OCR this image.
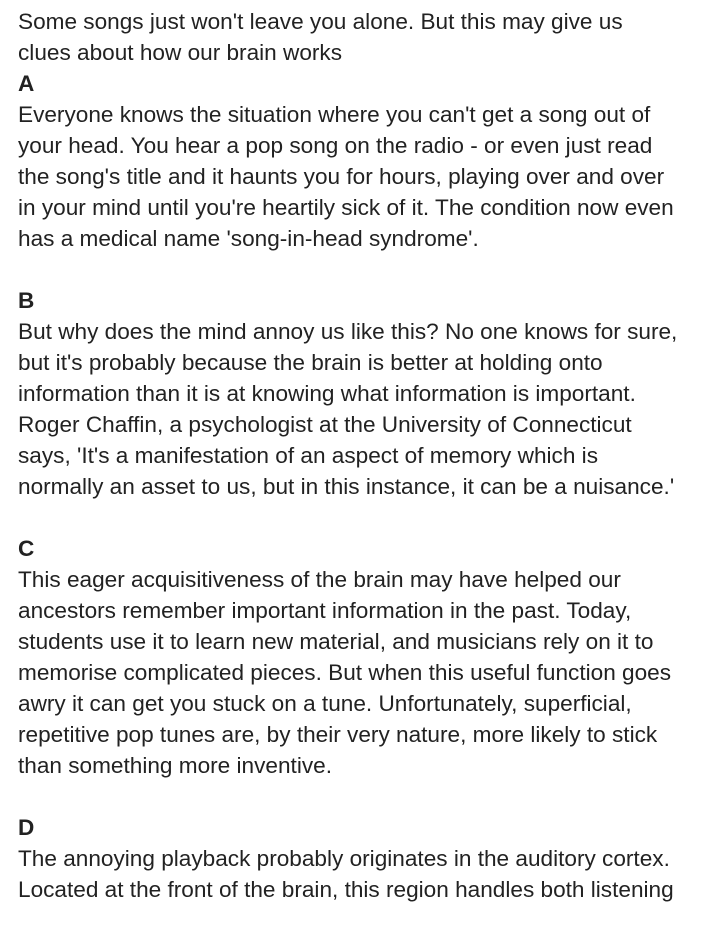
Some songs just won't leave you alone. But this may give us
clues about how our brain works

A

Everyone knows the situation where you can't get a song out of
your head. You hear a pop song on the radio - or even just read
the song's title and it haunts you for hours, playing over and over
in your mind until you're heartily sick of it. The condition now even
has a medical name 'song-in-head syndrome'.

B

But why does the mind annoy us like this? No one knows for sure,
but it's probably because the brain is better at holding onto
information than it is at knowing what information is important.
Roger Chaffin, a psychologist at the University of Connecticut
says, 'It's a manifestation of an aspect of memory which is
normally an asset to us, but in this instance, it can be a nuisance.'

C

This eager acquisitiveness of the brain may have helped our
ancestors remember important information in the past. Today,
students use it to learn new material, and musicians rely on it to
memorise complicated pieces. But when this useful function goes
awry it can get you stuck on a tune. Unfortunately, superficial,
repetitive pop tunes are, by their very nature, more likely to stick
than something more inventive.

D

The annoying playback probably originates in the auditory cortex.
Located at the front of the brain, this region handles both listening
